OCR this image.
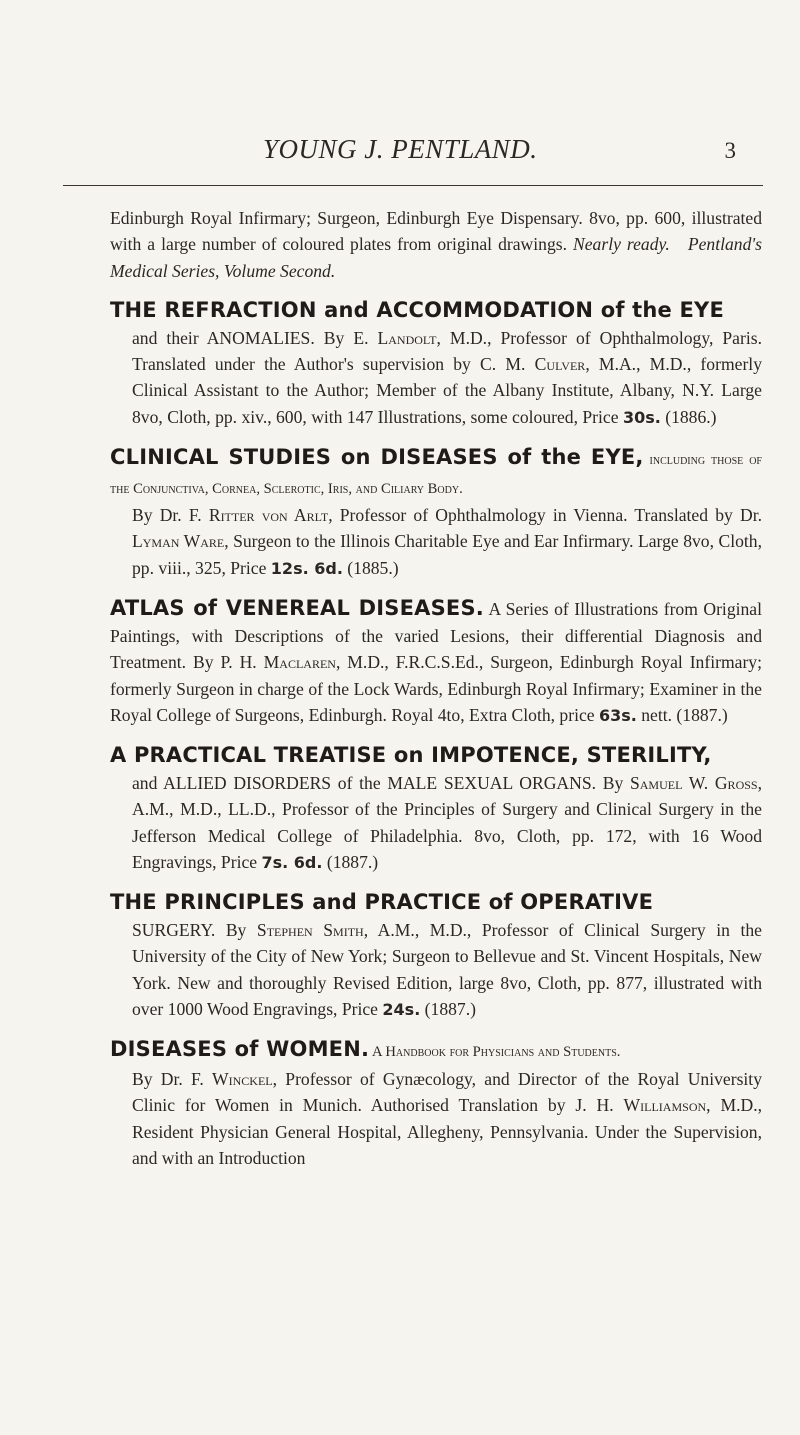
YOUNG J. PENTLAND.	3

Edinburgh Royal Infirmary; Surgeon, Edinburgh Eye Dispensary. 8vo, pp. 600, illustrated with a large number of coloured plates from original drawings. Nearly ready. Pentland's Medical Series, Volume Second.

THE REFRACTION and ACCOMMODATION of the EYE
and their ANOMALIES. By E. Landolt, M.D., Professor of Ophthalmology, Paris. Translated under the Author's supervision by C. M. Culver, M.A., M.D., formerly Clinical Assistant to the Author; Member of the Albany Institute, Albany, N.Y. Large 8vo, Cloth, pp. xiv., 600, with 147 Illustrations, some coloured, Price 30s. (1886.)
CLINICAL STUDIES on DISEASES of the EYE, including those of the Conjunctiva, Cornea, Sclerotic, Iris, and Ciliary Body.
By Dr. F. Ritter von Arlt, Professor of Ophthalmology in Vienna. Translated by Dr. Lyman Ware, Surgeon to the Illinois Charitable Eye and Ear Infirmary. Large 8vo, Cloth, pp. viii., 325, Price 12s. 6d. (1885.)
ATLAS of VENEREAL DISEASES. A Series of Illustrations from Original Paintings, with Descriptions of the varied Lesions, their differential Diagnosis and Treatment. By P. H. Maclaren, M.D., F.R.C.S.Ed., Surgeon, Edinburgh Royal Infirmary; formerly Surgeon in charge of the Lock Wards, Edinburgh Royal Infirmary; Examiner in the Royal College of Surgeons, Edinburgh. Royal 4to, Extra Cloth, price 63s. nett. (1887.)
A PRACTICAL TREATISE on IMPOTENCE, STERILITY,
and ALLIED DISORDERS of the MALE SEXUAL ORGANS. By Samuel W. Gross, A.M., M.D., LL.D., Professor of the Principles of Surgery and Clinical Surgery in the Jefferson Medical College of Philadelphia. 8vo, Cloth, pp. 172, with 16 Wood Engravings, Price 7s. 6d. (1887.)
THE PRINCIPLES and PRACTICE of OPERATIVE
SURGERY. By Stephen Smith, A.M., M.D., Professor of Clinical Surgery in the University of the City of New York; Surgeon to Bellevue and St. Vincent Hospitals, New York. New and thoroughly Revised Edition, large 8vo, Cloth, pp. 877, illustrated with over 1000 Wood Engravings, Price 24s. (1887.)
DISEASES of WOMEN. A Handbook for Physicians and Students.
By Dr. F. Winckel, Professor of Gynæcology, and Director of the Royal University Clinic for Women in Munich. Authorised Translation by J. H. Williamson, M.D., Resident Physician General Hospital, Allegheny, Pennsylvania. Under the Supervision, and with an Introduction
